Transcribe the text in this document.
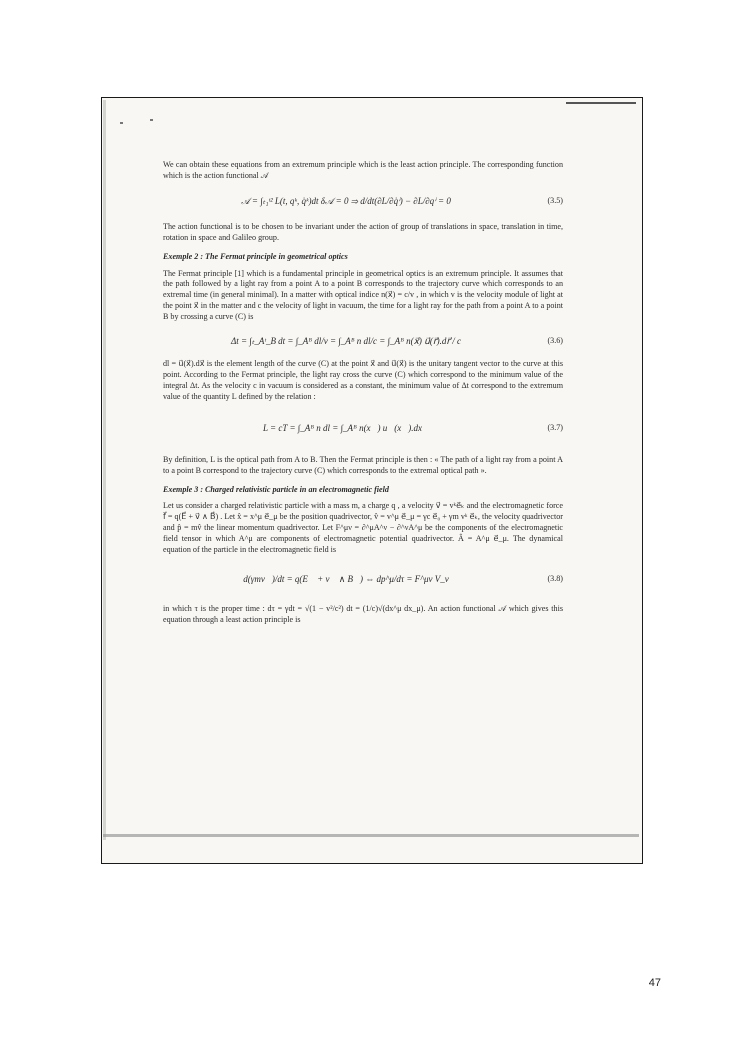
We can obtain these equations from an extremum principle which is the least action principle. The corresponding function which is the action functional 𝒜

𝒜 = ∫ₜ₁ᵗ² L(t, qᵏ, q̇ᵏ)dt δ𝒜 = 0 ⇒ d/dt(∂L/∂q̇ⁱ) − ∂L/∂qⁱ = 0	(3.5)

The action functional is to be chosen to be invariant under the action of group of translations in space, translation in time, rotation in space and Galileo group.

Exemple 2 : The Fermat principle in geometrical optics

The Fermat principle [1] which is a fundamental principle in geometrical optics is an extremum principle. It assumes that the path followed by a light ray from a point A to a point B corresponds to the trajectory curve which corresponds to an extremal time (in general minimal). In a matter with optical indice n(x⃗) = c/v , in which v is the velocity module of light at the point x⃗ in the matter and c the velocity of light in vacuum, the time for a light ray for the path from a point A to a point B by crossing a curve (C) is

Δt = ∫ₜ_Aᵗ_B dt = ∫_Aᴮ dl/v = ∫_Aᴮ n dl/c = ∫_Aᴮ n(x⃗) u⃗(r⃗).dr⃗ / c	(3.6)

dl = u⃗(x⃗).dx⃗ is the element length of the curve (C) at the point x⃗ and u⃗(x⃗) is the unitary tangent vector to the curve at this point. According to the Fermat principle, the light ray cross the curve (C) which correspond to the minimum value of the integral Δt. As the velocity c in vacuum is considered as a constant, the minimum value of Δt correspond to the extremum value of the quantity L defined by the relation :

L = cT = ∫_Aᴮ n dl = ∫_Aᴮ n(x⃗) u⃗(x⃗).dx⃗	(3.7)

By definition, L is the optical path from A to B. Then the Fermat principle is then : « The path of a light ray from a point A to a point B correspond to the trajectory curve (C) which corresponds to the extremal optical path ».

Exemple 3 : Charged relativistic particle in an electromagnetic field

Let us consider a charged relativistic particle with a mass m, a charge q , a velocity v⃗ = vᵏe⃗ₖ and the electromagnetic force f⃗ = q(E⃗ + v⃗ ∧ B⃗) . Let x̂ = x^μ e⃗_μ be the position quadrivector, v̂ = v^μ e⃗_μ = γc e⃗₀ + γm vᵏ e⃗ₖ, the velocity quadrivector and p̂ = mv̂ the linear momentum quadrivector. Let F^μν = ∂^μA^ν − ∂^νA^μ be the components of the electromagnetic field tensor in which A^μ are components of electromagnetic potential quadrivector. Â = A^μ e⃗_μ. The dynamical equation of the particle in the electromagnetic field is

d(γmv⃗)/dt = q(E⃗ + v⃗ ∧ B⃗) ⇔ dp^μ/dτ = F^μν V_ν	(3.8)

in which τ is the proper time : dτ = γdt = √(1 − v²/c²) dt = (1/c)√(dx^μ dx_μ). An action functional 𝒜 which gives this equation through a least action principle is

47
